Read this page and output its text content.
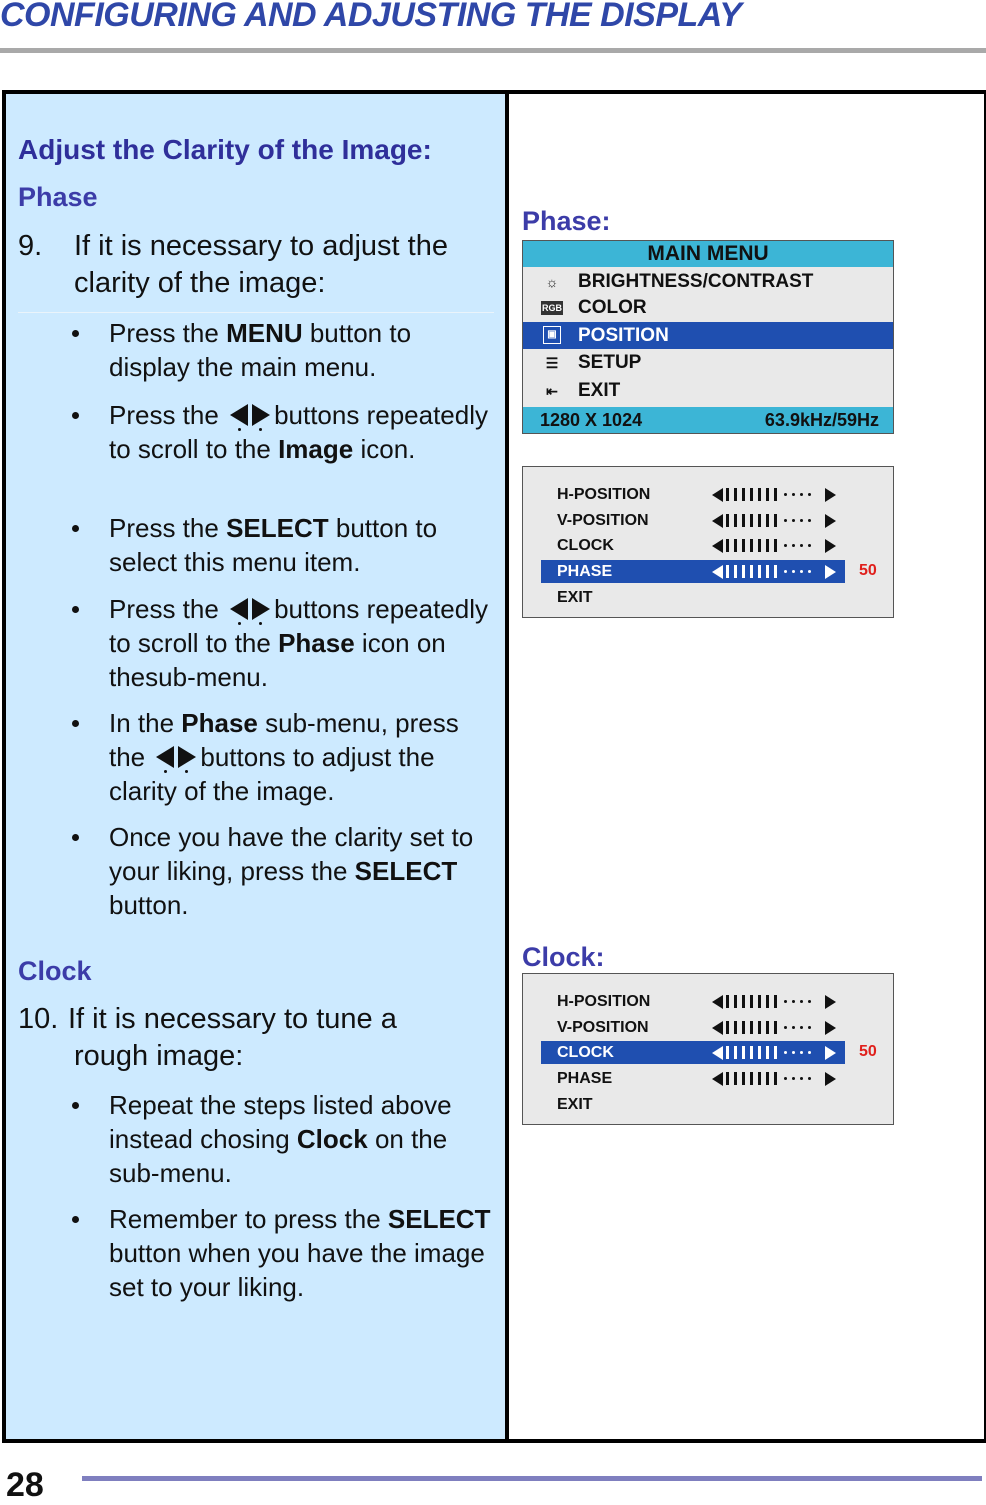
CONFIGURING AND ADJUSTING THE DISPLAY
Adjust the Clarity of the Image:
Phase
9. If it is necessary to adjust the
clarity of the image:
Press the MENU button to display the main menu.
Press the
buttons repeatedly to scroll to the Image icon.
Press the SELECT button to select this menu item.
Press the
buttons repeatedly to scroll to the Phase icon on thesub-menu.
In the Phase sub-menu, press the
buttons to adjust the clarity of the image.
Once you have the clarity set to your liking, press the SELECT button.
Clock
10. If it is necessary to tune a
rough image:
Repeat the steps listed above instead chosing Clock on the sub-menu.
Remember to press the SELECT button when you have the image set to your liking.
Phase:
MAIN MENU
☼	BRIGHTNESS/CONTRAST
RGB COLOR
▣ POSITION
☰	SETUP
⇤	EXIT
1280 X 1024	63.9kHz/59Hz
H-POSITION
V-POSITION
CLOCK
PHASE	50
EXIT
Clock:
H-POSITION
V-POSITION
CLOCK	50
PHASE
EXIT
28
